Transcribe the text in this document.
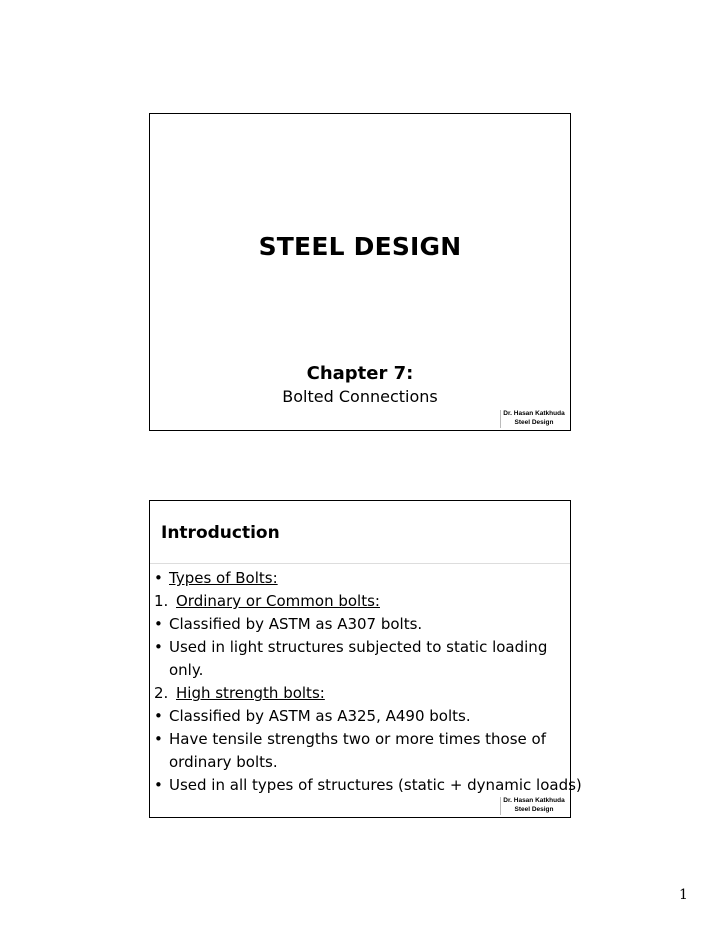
STEEL DESIGN
Chapter 7:
Bolted Connections
Dr. Hasan Katkhuda
Steel Design
Introduction
• Types of Bolts:
1. Ordinary or Common bolts:
• Classified by ASTM as A307 bolts.
• Used in light structures subjected to static loading
only.
2. High strength bolts:
• Classified by ASTM as A325, A490 bolts.
• Have tensile strengths two or more times those of
ordinary bolts.
• Used in all types of structures (static + dynamic loads)
Dr. Hasan Katkhuda
Steel Design
1
